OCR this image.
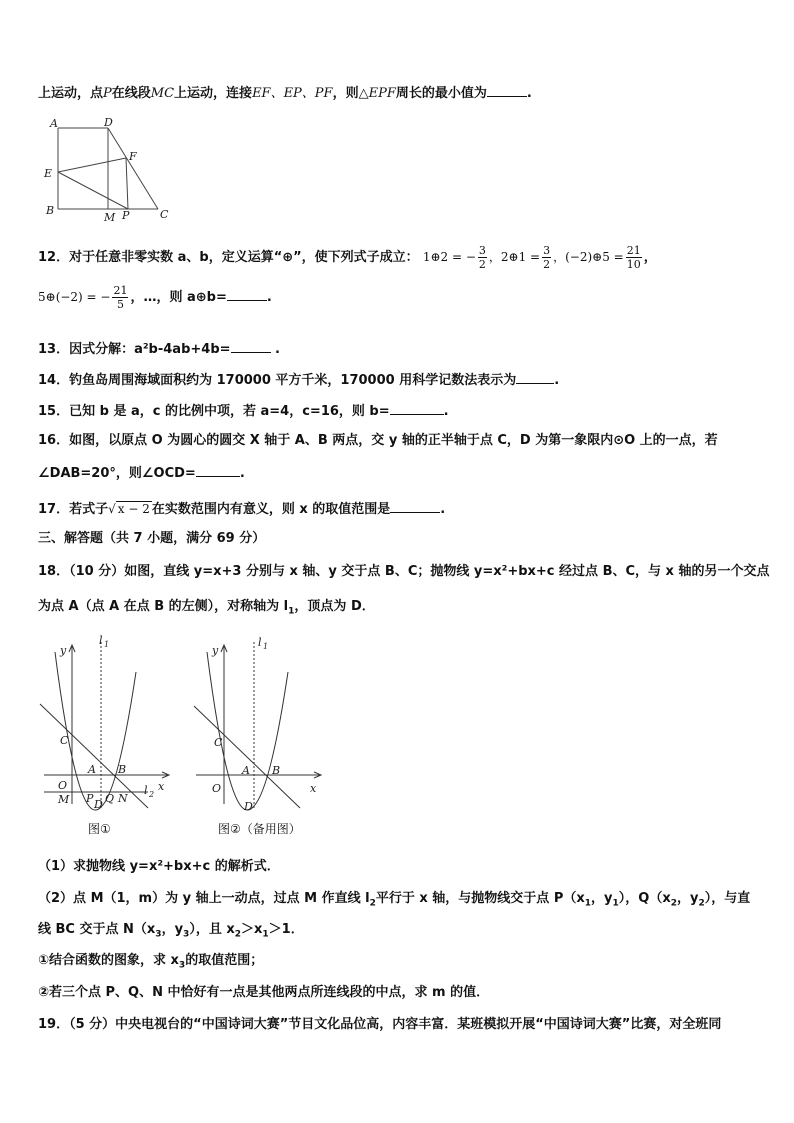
上运动，点P在线段MC上运动，连接EF、EP、PF，则△EPF周长的最小值为	.
A	D
F
E
B
M P	C
12．对于任意非零实数 a、b，定义运算“⊕”，使下列式子成立： 1⊕2 = − $\frac{3}{2}$ ，2⊕1 = $\frac{3}{2}$ ，(−2)⊕5 = $\frac{21}{10}$ ，
5⊕(−2) = − $\frac{21}{5}$ ，…，则 a⊕b=	.
13．因式分解：a²b-4ab+4b=	.
14．钓鱼岛周围海域面积约为 170000 平方千米，170000 用科学记数法表示为	.
15．已知 b 是 a，c 的比例中项，若 a=4，c=16，则 b=	.
16．如图，以原点 O 为圆心的圆交 X 轴于 A、B 两点，交 y 轴的正半轴于点 C，D 为第一象限内⊙O 上的一点，若
∠DAB=20°，则∠OCD=	.
17．若式子√ x − 2 在实数范围内有意义，则 x 的取值范围是	.
三、解答题（共 7 小题，满分 69 分）
18．（10 分）如图，直线 y=x+3 分别与 x 轴、y 交于点 B、C；抛物线 y=x²+bx+c 经过点 B、C，与 x 轴的另一个交点
为点 A（点 A 在点 B 的左侧），对称轴为 $l_1$，顶点为 D．
y
l 1
C
A B
O
M P D Q N
l 2
x
图①
y
l 1
C
A B
O
D
x
图②（备用图）
（1）求抛物线 y=x²+bx+c 的解析式．
（2）点 M（1，m）为 y 轴上一动点，过点 M 作直线 $l_2$平行于 x 轴，与抛物线交于点 $P(x_1$，$y_1$），$Q(x_2$，$y_2$），与直
线 BC 交于点 $N(x_3$，$y_3$），且 $x_2>x_1>1$．
①结合函数的图象，求 $x_3$的取值范围；
②若三个点 P、Q、N 中恰好有一点是其他两点所连线段的中点，求 m 的值．
19．（5 分）中央电视台的“中国诗词大赛”节目文化品位高，内容丰富．某班模拟开展“中国诗词大赛”比赛，对全班同
